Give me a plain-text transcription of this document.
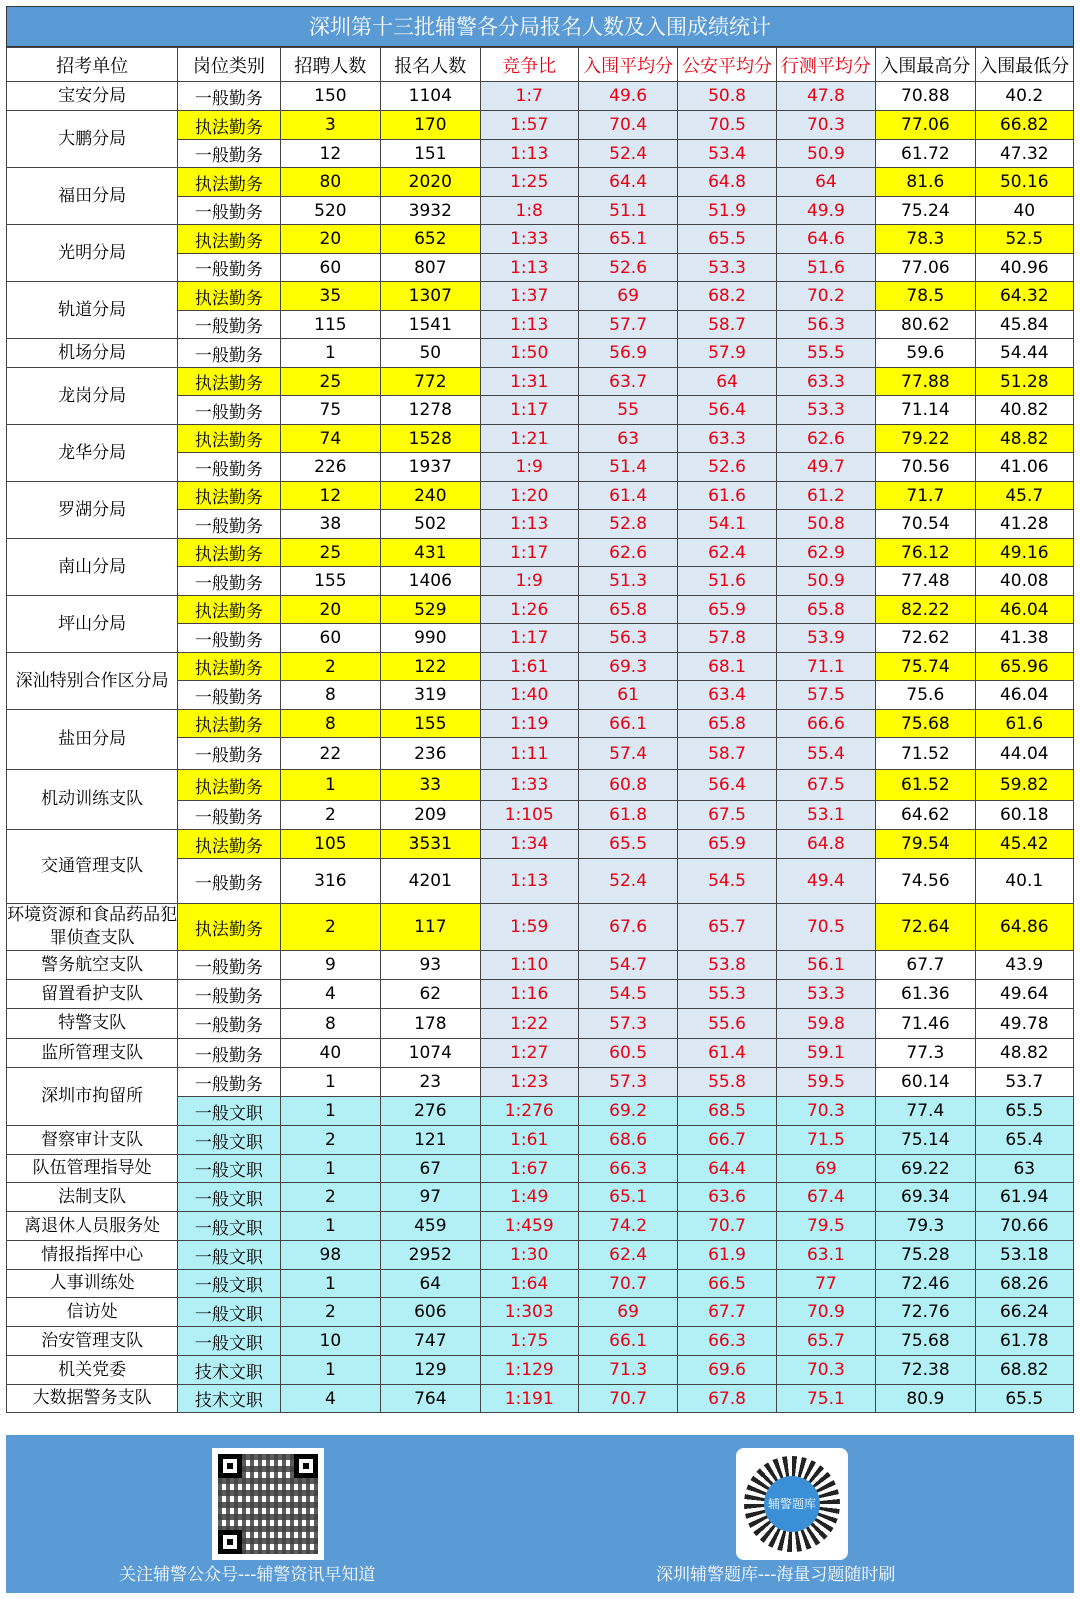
深圳第十三批辅警各分局报名人数及入围成绩统计
招考单位	岗位类别	招聘人数	报名人数	竞争比	入围平均分	公安平均分	行测平均分	入围最高分	入围最低分
宝安分局	一般勤务	150	1104	1:7	49.6	50.8	47.8	70.88	40.2
大鹏分局	执法勤务	3	170	1:57	70.4	70.5	70.3	77.06	66.82
	一般勤务	12	151	1:13	52.4	53.4	50.9	61.72	47.32
福田分局	执法勤务	80	2020	1:25	64.4	64.8	64	81.6	50.16
	一般勤务	520	3932	1:8	51.1	51.9	49.9	75.24	40
光明分局	执法勤务	20	652	1:33	65.1	65.5	64.6	78.3	52.5
	一般勤务	60	807	1:13	52.6	53.3	51.6	77.06	40.96
轨道分局	执法勤务	35	1307	1:37	69	68.2	70.2	78.5	64.32
	一般勤务	115	1541	1:13	57.7	58.7	56.3	80.62	45.84
机场分局	一般勤务	1	50	1:50	56.9	57.9	55.5	59.6	54.44
龙岗分局	执法勤务	25	772	1:31	63.7	64	63.3	77.88	51.28
	一般勤务	75	1278	1:17	55	56.4	53.3	71.14	40.82
龙华分局	执法勤务	74	1528	1:21	63	63.3	62.6	79.22	48.82
	一般勤务	226	1937	1:9	51.4	52.6	49.7	70.56	41.06
罗湖分局	执法勤务	12	240	1:20	61.4	61.6	61.2	71.7	45.7
	一般勤务	38	502	1:13	52.8	54.1	50.8	70.54	41.28
南山分局	执法勤务	25	431	1:17	62.6	62.4	62.9	76.12	49.16
	一般勤务	155	1406	1:9	51.3	51.6	50.9	77.48	40.08
坪山分局	执法勤务	20	529	1:26	65.8	65.9	65.8	82.22	46.04
	一般勤务	60	990	1:17	56.3	57.8	53.9	72.62	41.38
深汕特别合作区分局	执法勤务	2	122	1:61	69.3	68.1	71.1	75.74	65.96
	一般勤务	8	319	1:40	61	63.4	57.5	75.6	46.04
盐田分局	执法勤务	8	155	1:19	66.1	65.8	66.6	75.68	61.6
	一般勤务	22	236	1:11	57.4	58.7	55.4	71.52	44.04
机动训练支队	执法勤务	1	33	1:33	60.8	56.4	67.5	61.52	59.82
	一般勤务	2	209	1:105	61.8	67.5	53.1	64.62	60.18
交通管理支队	执法勤务	105	3531	1:34	65.5	65.9	64.8	79.54	45.42
	一般勤务	316	4201	1:13	52.4	54.5	49.4	74.56	40.1
环境资源和食品药品犯罪侦查支队	执法勤务	2	117	1:59	67.6	65.7	70.5	72.64	64.86
警务航空支队	一般勤务	9	93	1:10	54.7	53.8	56.1	67.7	43.9
留置看护支队	一般勤务	4	62	1:16	54.5	55.3	53.3	61.36	49.64
特警支队	一般勤务	8	178	1:22	57.3	55.6	59.8	71.46	49.78
监所管理支队	一般勤务	40	1074	1:27	60.5	61.4	59.1	77.3	48.82
深圳市拘留所	一般勤务	1	23	1:23	57.3	55.8	59.5	60.14	53.7
	一般文职	1	276	1:276	69.2	68.5	70.3	77.4	65.5
督察审计支队	一般文职	2	121	1:61	68.6	66.7	71.5	75.14	65.4
队伍管理指导处	一般文职	1	67	1:67	66.3	64.4	69	69.22	63
法制支队	一般文职	2	97	1:49	65.1	63.6	67.4	69.34	61.94
离退休人员服务处	一般文职	1	459	1:459	74.2	70.7	79.5	79.3	70.66
情报指挥中心	一般文职	98	2952	1:30	62.4	61.9	63.1	75.28	53.18
人事训练处	一般文职	1	64	1:64	70.7	66.5	77	72.46	68.26
信访处	一般文职	2	606	1:303	69	67.7	70.9	72.76	66.24
治安管理支队	一般文职	10	747	1:75	66.1	66.3	65.7	75.68	61.78
机关党委	技术文职	1	129	1:129	71.3	69.6	70.3	72.38	68.82
大数据警务支队	技术文职	4	764	1:191	70.7	67.8	75.1	80.9	65.5
辅警题库
关注辅警公众号---辅警资讯早知道	深圳辅警题库---海量习题随时刷
